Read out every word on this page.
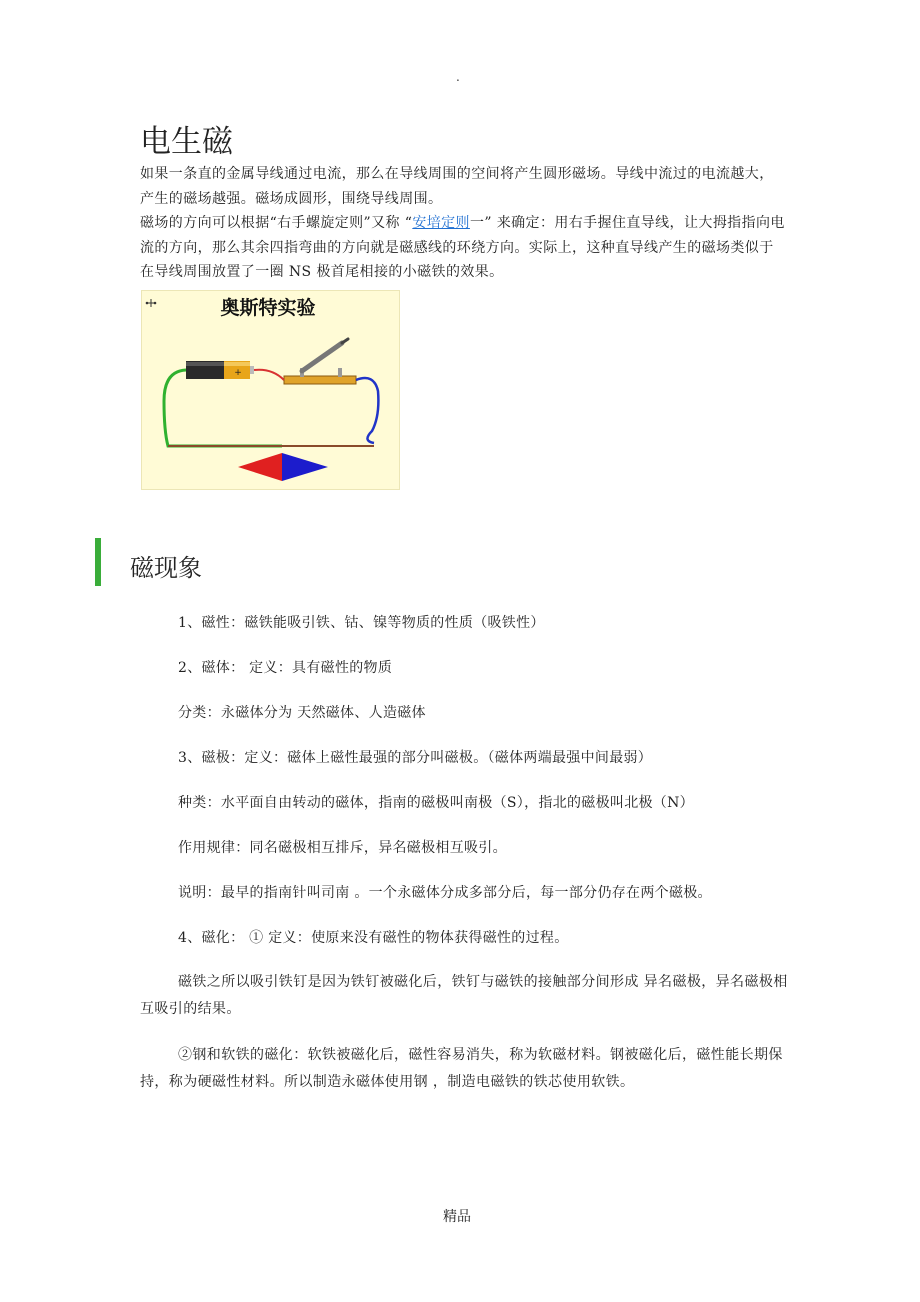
.
电生磁

如果一条直的金属导线通过电流，那么在导线周围的空间将产生圆形磁场。导线中流过的电流越大，产生的磁场越强。磁场成圆形，围绕导线周围。

磁场的方向可以根据“右手螺旋定则”又称 “安培定则一” 来确定：用右手握住直导线，让大拇指指向电流的方向，那么其余四指弯曲的方向就是磁感线的环绕方向。实际上，这种直导线产生的磁场类似于在导线周围放置了一圈 NS 极首尾相接的小磁铁的效果。

奥斯特实验
+
磁现象

1、磁性：磁铁能吸引铁、钴、镍等物质的性质（吸铁性）

2、磁体： 定义：具有磁性的物质

分类：永磁体分为 天然磁体、人造磁体

3、磁极：定义：磁体上磁性最强的部分叫磁极。（磁体两端最强中间最弱）

种类：水平面自由转动的磁体，指南的磁极叫南极（S），指北的磁极叫北极（N）

作用规律：同名磁极相互排斥，异名磁极相互吸引。

说明：最早的指南针叫司南 。一个永磁体分成多部分后，每一部分仍存在两个磁极。

4、磁化： ① 定义：使原来没有磁性的物体获得磁性的过程。

磁铁之所以吸引铁钉是因为铁钉被磁化后，铁钉与磁铁的接触部分间形成 异名磁极，异名磁极相互吸引的结果。

②钢和软铁的磁化：软铁被磁化后，磁性容易消失，称为软磁材料。钢被磁化后，磁性能长期保持，称为硬磁性材料。所以制造永磁体使用钢 ，制造电磁铁的铁芯使用软铁。

精品
